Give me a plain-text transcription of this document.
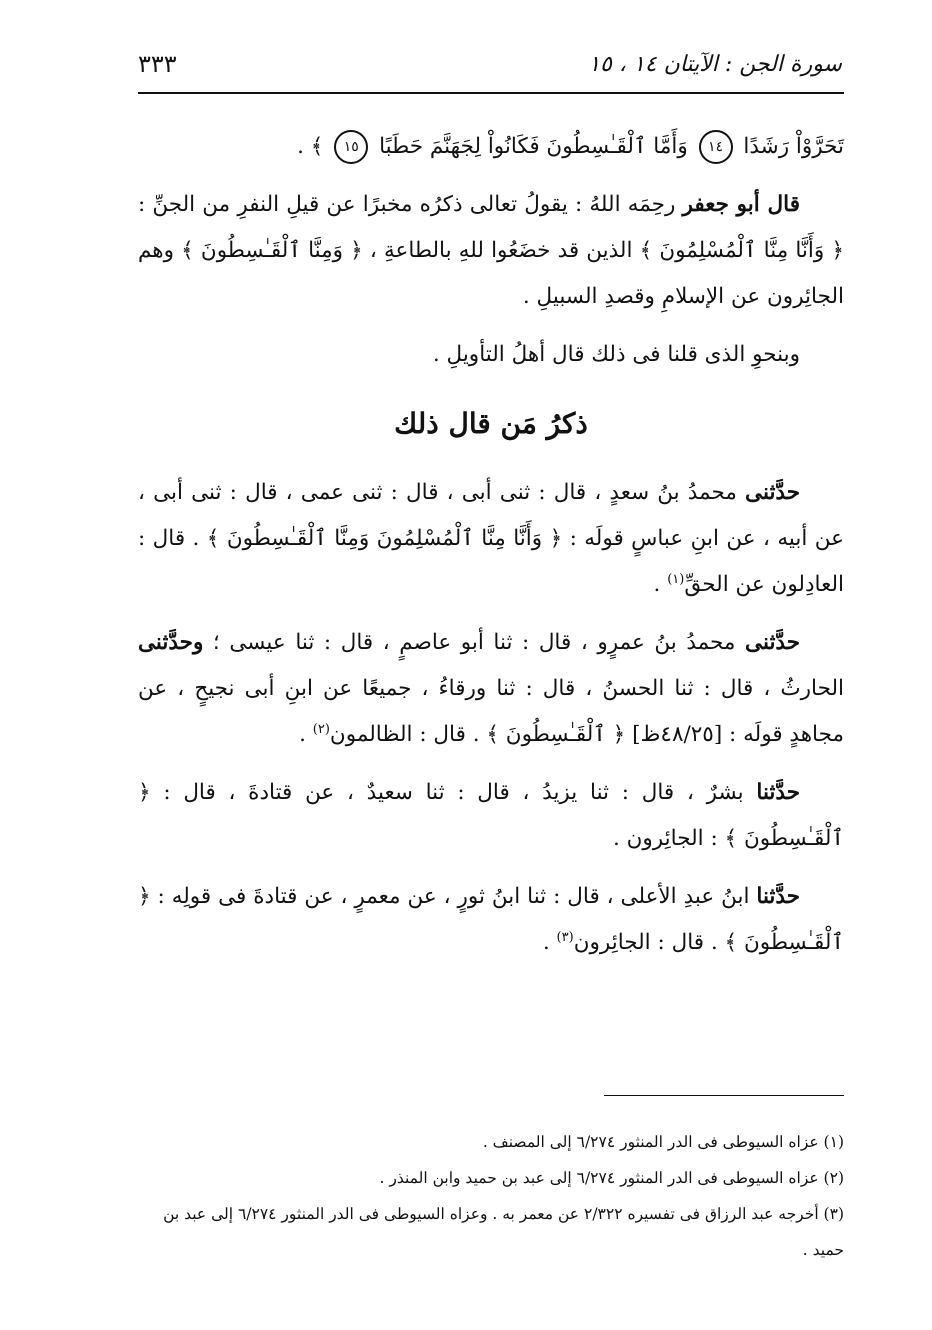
سورة الجن : الآيتان ١٤ ، ١٥
٣٣٣

تَحَرَّوْاْ رَشَدًا ١٤ وَأَمَّا ٱلْقَـٰسِطُونَ فَكَانُواْ لِجَهَنَّمَ حَطَبًا ١٥ ﴾ .

قال أبو جعفر رحِمَه اللهُ : يقولُ تعالى ذكرُه مخبرًا عن قيلِ النفرِ من الجنِّ : ﴿ وَأَنَّا مِنَّا ٱلْمُسْلِمُونَ ﴾ الذين قد خضَعُوا للهِ بالطاعةِ ، ﴿ وَمِنَّا ٱلْقَـٰسِطُونَ ﴾ وهم الجائِرون عن الإسلامِ وقصدِ السبيلِ .

وبنحوِ الذى قلنا فى ذلك قال أهلُ التأويلِ .

ذكرُ مَن قال ذلك

حدَّثنى محمدُ بنُ سعدٍ ، قال : ثنى أبى ، قال : ثنى عمى ، قال : ثنى أبى ، عن أبيه ، عن ابنِ عباسٍ قولَه : ﴿ وَأَنَّا مِنَّا ٱلْمُسْلِمُونَ وَمِنَّا ٱلْقَـٰسِطُونَ ﴾ . قال : العادِلون عن الحقِّ$^{(١)}$ .

حدَّثنى محمدُ بنُ عمرٍو ، قال : ثنا أبو عاصمٍ ، قال : ثنا عيسى ؛ وحدَّثنى الحارثُ ، قال : ثنا الحسنُ ، قال : ثنا ورقاءُ ، جميعًا عن ابنِ أبى نجيحٍ ، عن مجاهدٍ قولَه : [٤٨/٢٥ظ] ﴿ ٱلْقَـٰسِطُونَ ﴾ . قال : الظالمون$^{(٢)}$ .

حدَّثنا بشرٌ ، قال : ثنا يزيدُ ، قال : ثنا سعيدٌ ، عن قتادةَ ، قال : ﴿ ٱلْقَـٰسِطُونَ ﴾ : الجائِرون .

حدَّثنا ابنُ عبدِ الأعلى ، قال : ثنا ابنُ ثورٍ ، عن معمرٍ ، عن قتادةَ فى قولِه : ﴿ ٱلْقَـٰسِطُونَ ﴾ . قال : الجائِرون$^{(٣)}$ .

(١) عزاه السيوطى فى الدر المنثور ٦/٢٧٤ إلى المصنف .

(٢) عزاه السيوطى فى الدر المنثور ٦/٢٧٤ إلى عبد بن حميد وابن المنذر .

(٣) أخرجه عبد الرزاق فى تفسيره ٢/٣٢٢ عن معمر به . وعزاه السيوطى فى الدر المنثور ٦/٢٧٤ إلى عبد بن حميد .
